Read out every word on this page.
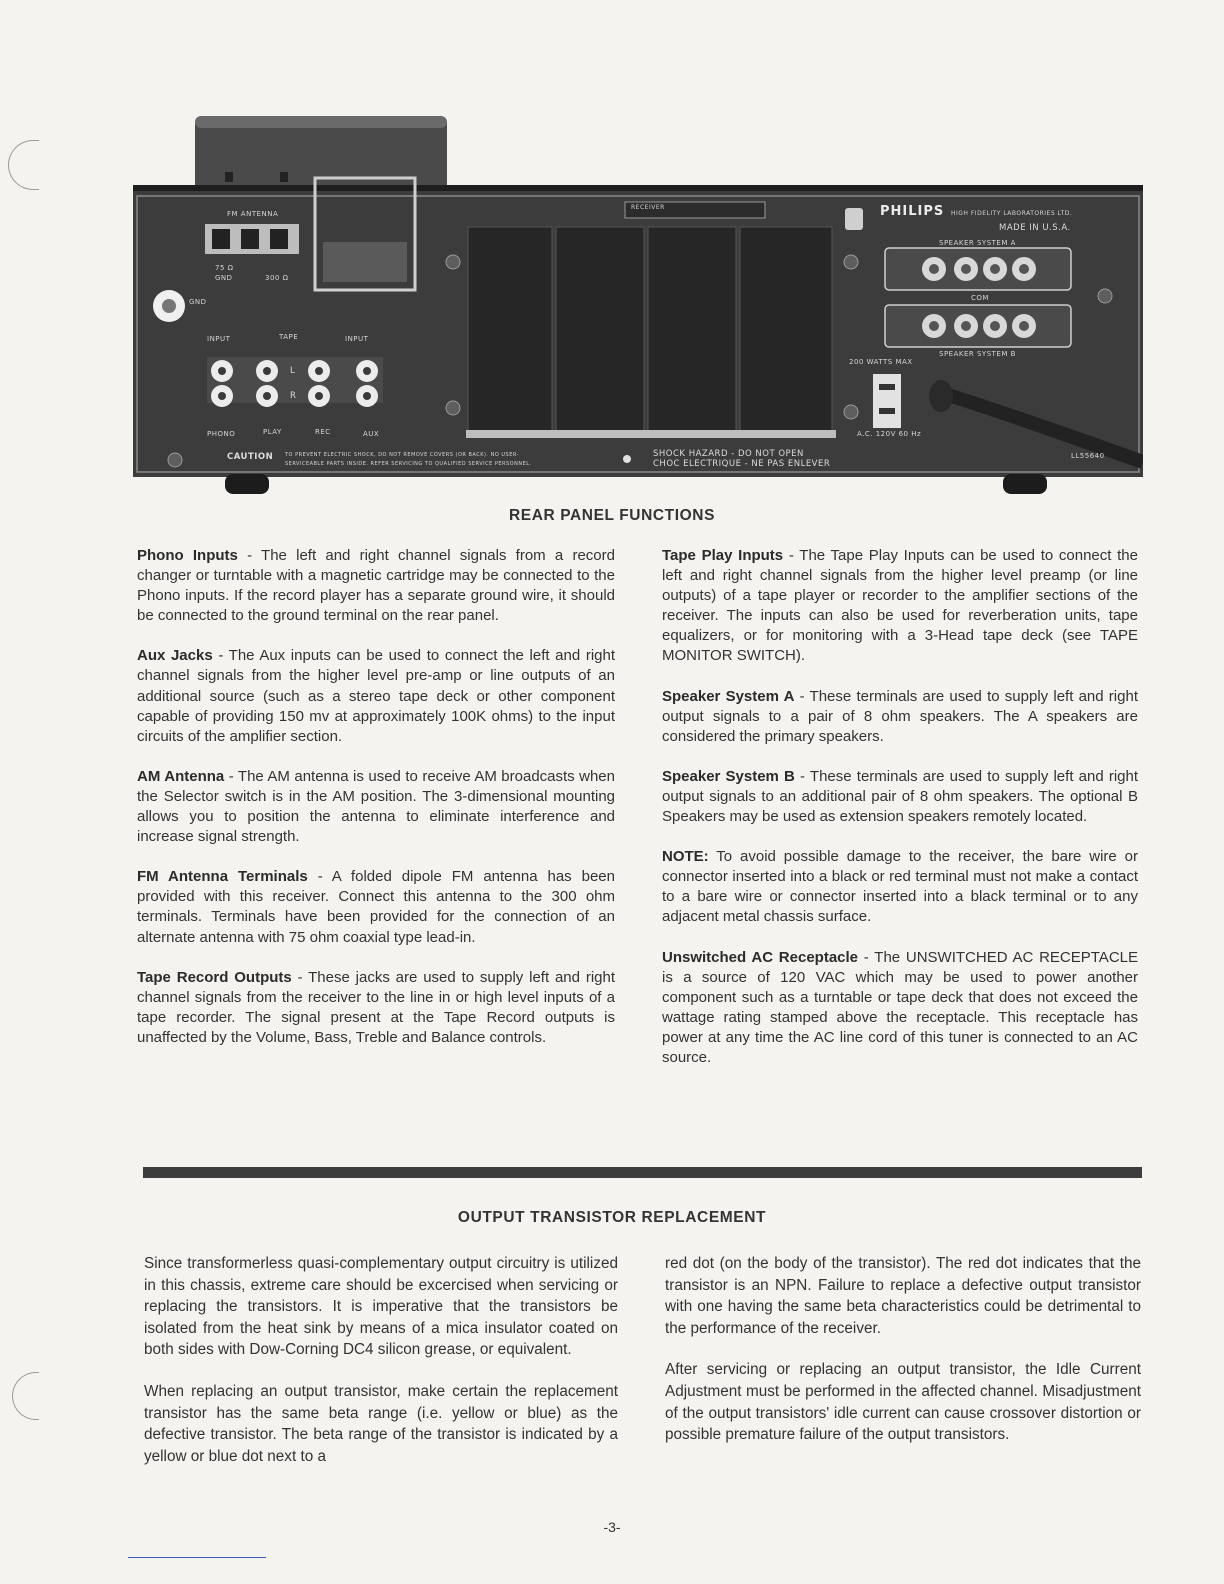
PHILIPS HIGH FIDELITY LABORATORIES LTD.
MADE IN U.S.A.
RECEIVER
FM ANTENNA
75 Ω
GND	300 Ω
GND
INPUT	TAPE	INPUT
L
R
PHONO	PLAY	REC	AUX
CAUTION TO PREVENT ELECTRIC SHOCK, DO NOT REMOVE COVERS (OR BACK). NO USER-
SERVICEABLE PARTS INSIDE. REFER SERVICING TO QUALIFIED SERVICE PERSONNEL.
SHOCK HAZARD - DO NOT OPEN
CHOC ELECTRIQUE - NE PAS ENLEVER
SPEAKER SYSTEM A
COM
SPEAKER SYSTEM B
200 WATTS MAX
A.C. 120V 60 Hz
LL55640
REAR PANEL FUNCTIONS

Phono Inputs - The left and right channel signals from a record changer or turntable with a magnetic cartridge may be connected to the Phono inputs. If the record player has a separate ground wire, it should be connected to the ground terminal on the rear panel.

Aux Jacks - The Aux inputs can be used to connect the left and right channel signals from the higher level pre-amp or line outputs of an additional source (such as a stereo tape deck or other component capable of providing 150 mv at approximately 100K ohms) to the input circuits of the amplifier section.

AM Antenna - The AM antenna is used to receive AM broadcasts when the Selector switch is in the AM position. The 3-dimensional mounting allows you to position the antenna to eliminate interference and increase signal strength.

FM Antenna Terminals - A folded dipole FM antenna has been provided with this receiver. Connect this antenna to the 300 ohm terminals. Terminals have been provided for the connection of an alternate antenna with 75 ohm coaxial type lead-in.

Tape Record Outputs - These jacks are used to supply left and right channel signals from the receiver to the line in or high level inputs of a tape recorder. The signal present at the Tape Record outputs is unaffected by the Volume, Bass, Treble and Balance controls.

Tape Play Inputs - The Tape Play Inputs can be used to connect the left and right channel signals from the higher level preamp (or line outputs) of a tape player or recorder to the amplifier sections of the receiver. The inputs can also be used for reverberation units, tape equalizers, or for monitoring with a 3-Head tape deck (see TAPE MONITOR SWITCH).

Speaker System A - These terminals are used to supply left and right output signals to a pair of 8 ohm speakers. The A speakers are considered the primary speakers.

Speaker System B - These terminals are used to supply left and right output signals to an additional pair of 8 ohm speakers. The optional B Speakers may be used as extension speakers remotely located.

NOTE: To avoid possible damage to the receiver, the bare wire or connector inserted into a black or red terminal must not make a contact to a bare wire or connector inserted into a black terminal or to any adjacent metal chassis surface.

Unswitched AC Receptacle - The UNSWITCHED AC RECEPTACLE is a source of 120 VAC which may be used to power another component such as a turntable or tape deck that does not exceed the wattage rating stamped above the receptacle. This receptacle has power at any time the AC line cord of this tuner is connected to an AC source.

OUTPUT TRANSISTOR REPLACEMENT

Since transformerless quasi-complementary output circuitry is utilized in this chassis, extreme care should be excercised when servicing or replacing the transistors. It is imperative that the transistors be isolated from the heat sink by means of a mica insulator coated on both sides with Dow-Corning DC4 silicon grease, or equivalent.

When replacing an output transistor, make certain the replacement transistor has the same beta range (i.e. yellow or blue) as the defective transistor. The beta range of the transistor is indicated by a yellow or blue dot next to a

red dot (on the body of the transistor). The red dot indicates that the transistor is an NPN. Failure to replace a defective output transistor with one having the same beta characteristics could be detrimental to the performance of the receiver.

After servicing or replacing an output transistor, the Idle Current Adjustment must be performed in the affected channel. Misadjustment of the output transistors' idle current can cause crossover distortion or possible premature failure of the output transistors.

-3-
